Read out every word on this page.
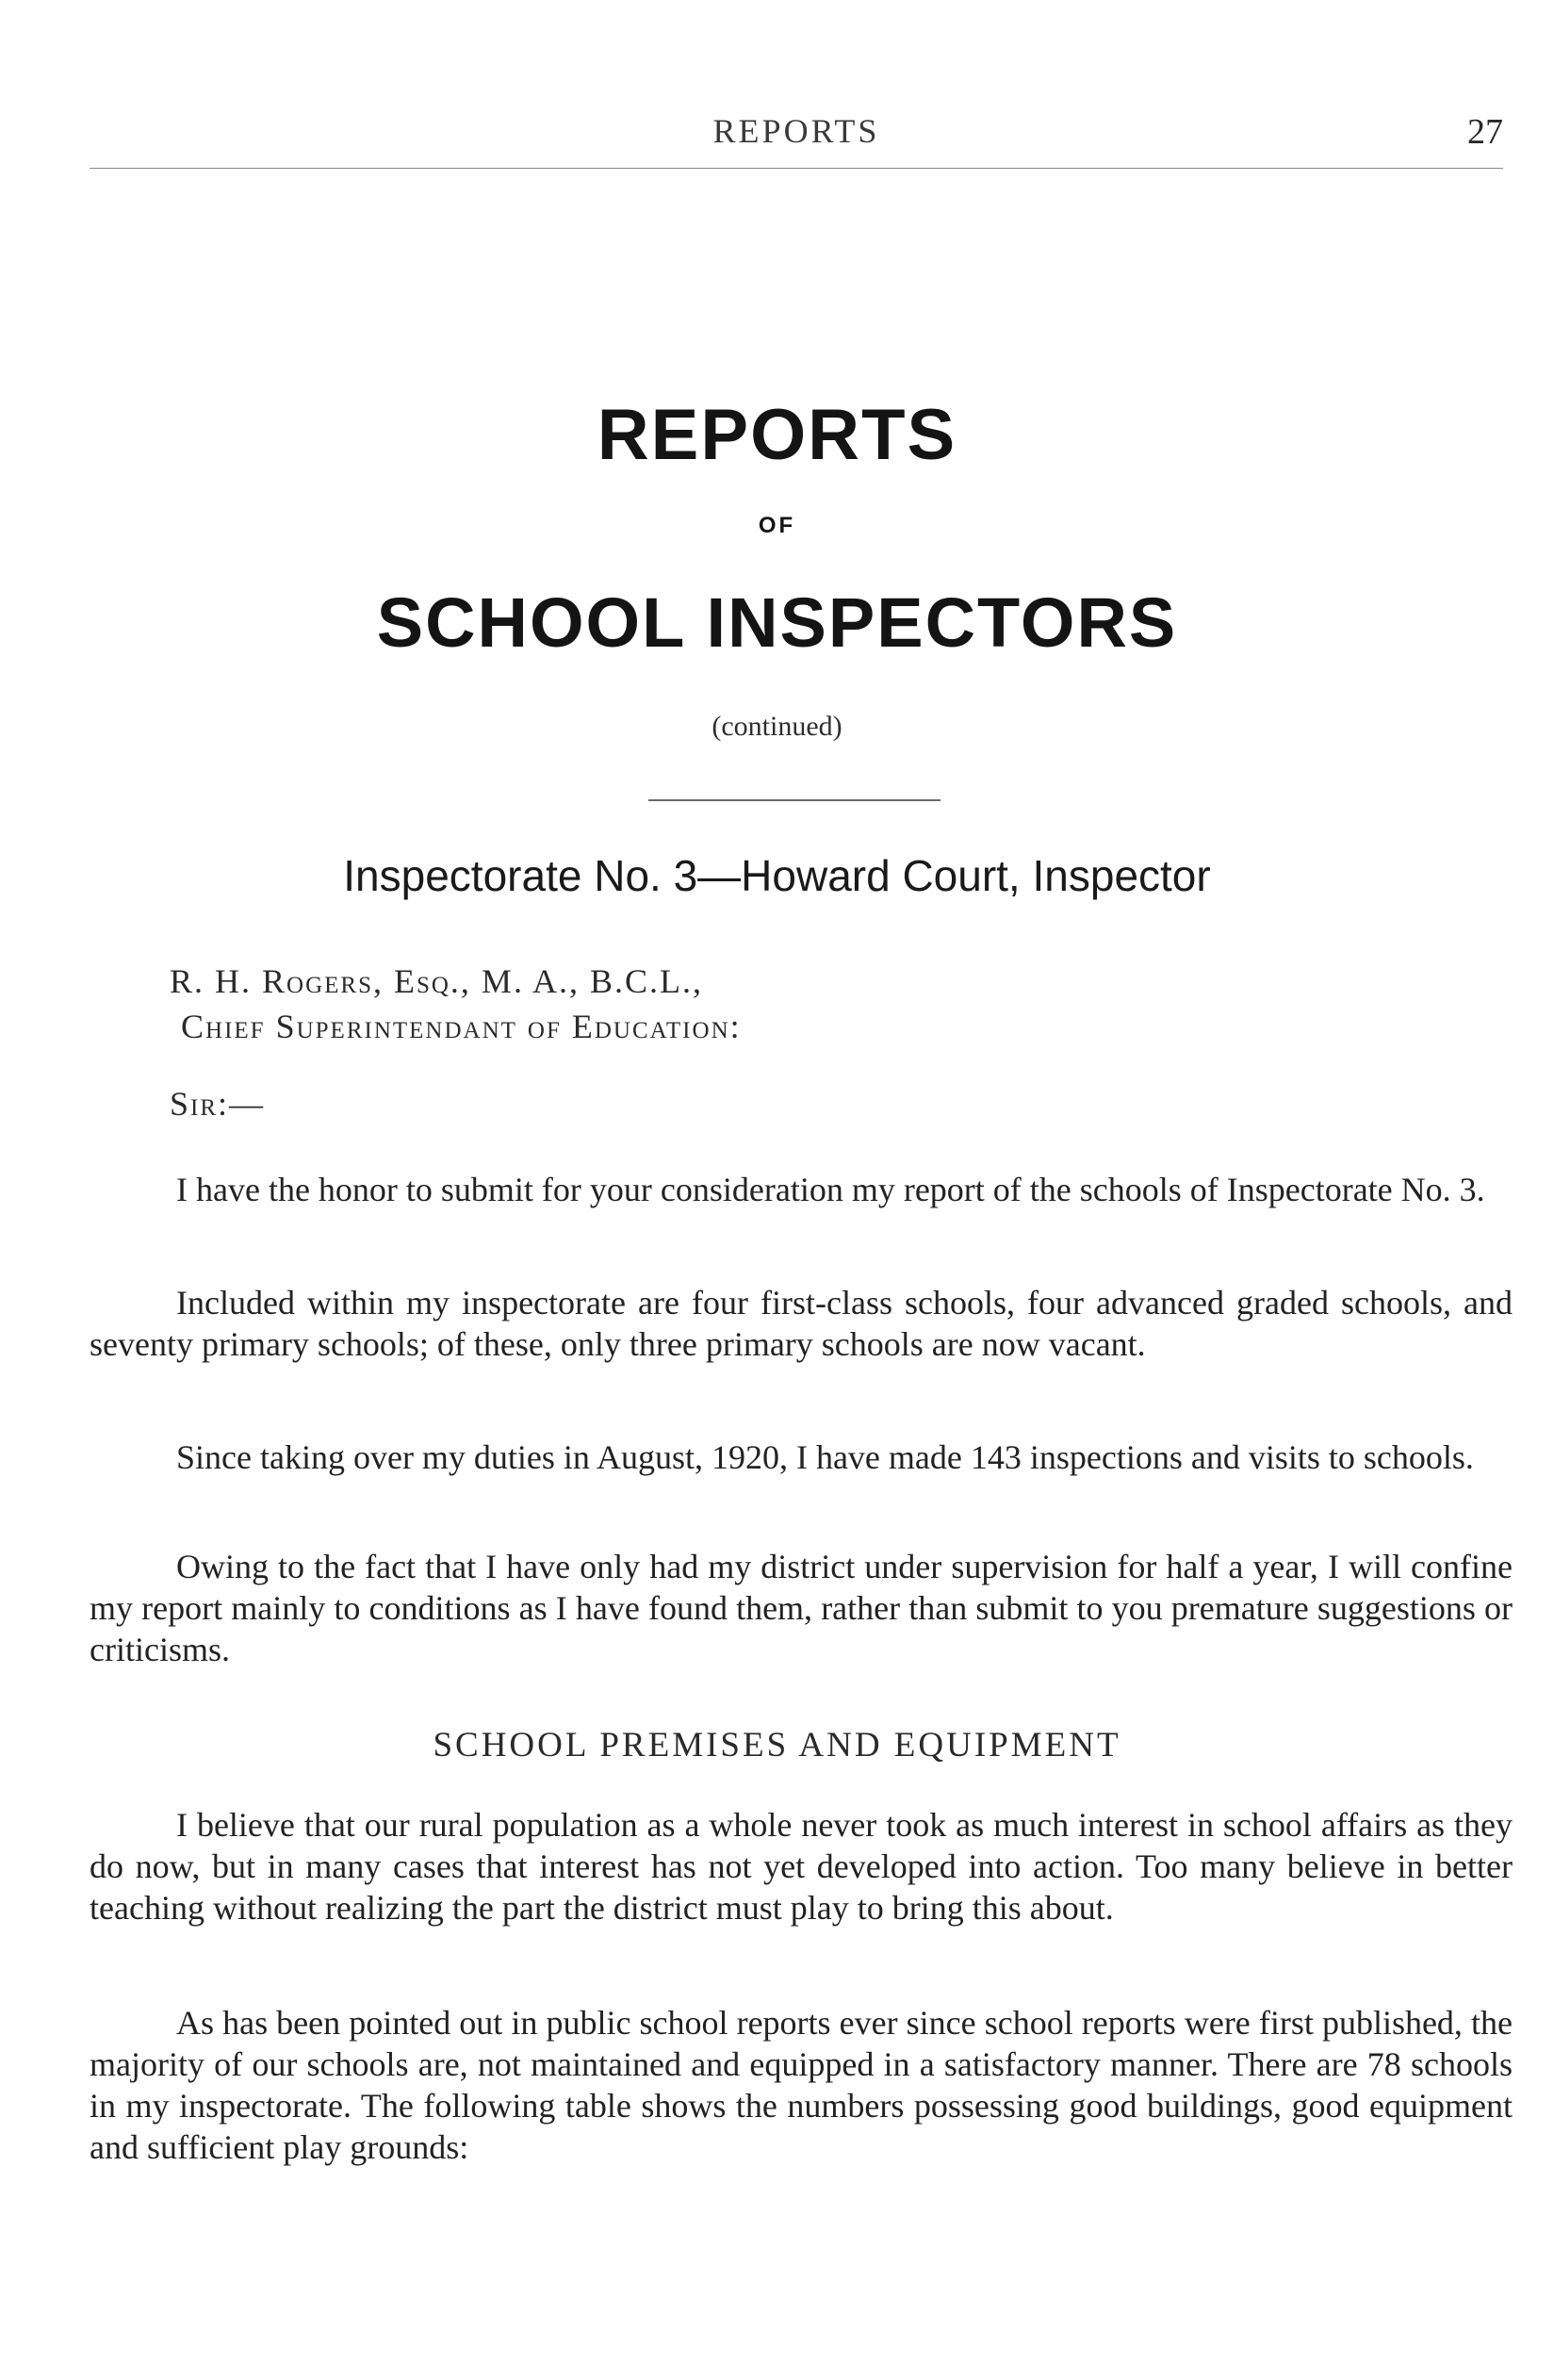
REPORTS	27
REPORTS
OF
SCHOOL INSPECTORS
(continued)
Inspectorate No. 3—Howard Court, Inspector
R. H. Rogers, Esq., M. A., B.C.L.,
Chief Superintendant of Education:
Sir:—

I have the honor to submit for your consideration my report of the schools of Inspectorate No. 3.

Included within my inspectorate are four first-class schools, four advanced graded schools, and seventy primary schools; of these, only three primary schools are now vacant.

Since taking over my duties in August, 1920, I have made 143 inspections and visits to schools.

Owing to the fact that I have only had my district under supervision for half a year, I will confine my report mainly to conditions as I have found them, rather than submit to you premature suggestions or criticisms.

SCHOOL PREMISES AND EQUIPMENT

I believe that our rural population as a whole never took as much interest in school affairs as they do now, but in many cases that interest has not yet developed into action. Too many believe in better teaching without realizing the part the district must play to bring this about.

As has been pointed out in public school reports ever since school reports were first published, the majority of our schools are, not maintained and equipped in a satisfactory manner. There are 78 schools in my inspectorate. The following table shows the numbers possessing good buildings, good equipment and sufficient play grounds:
